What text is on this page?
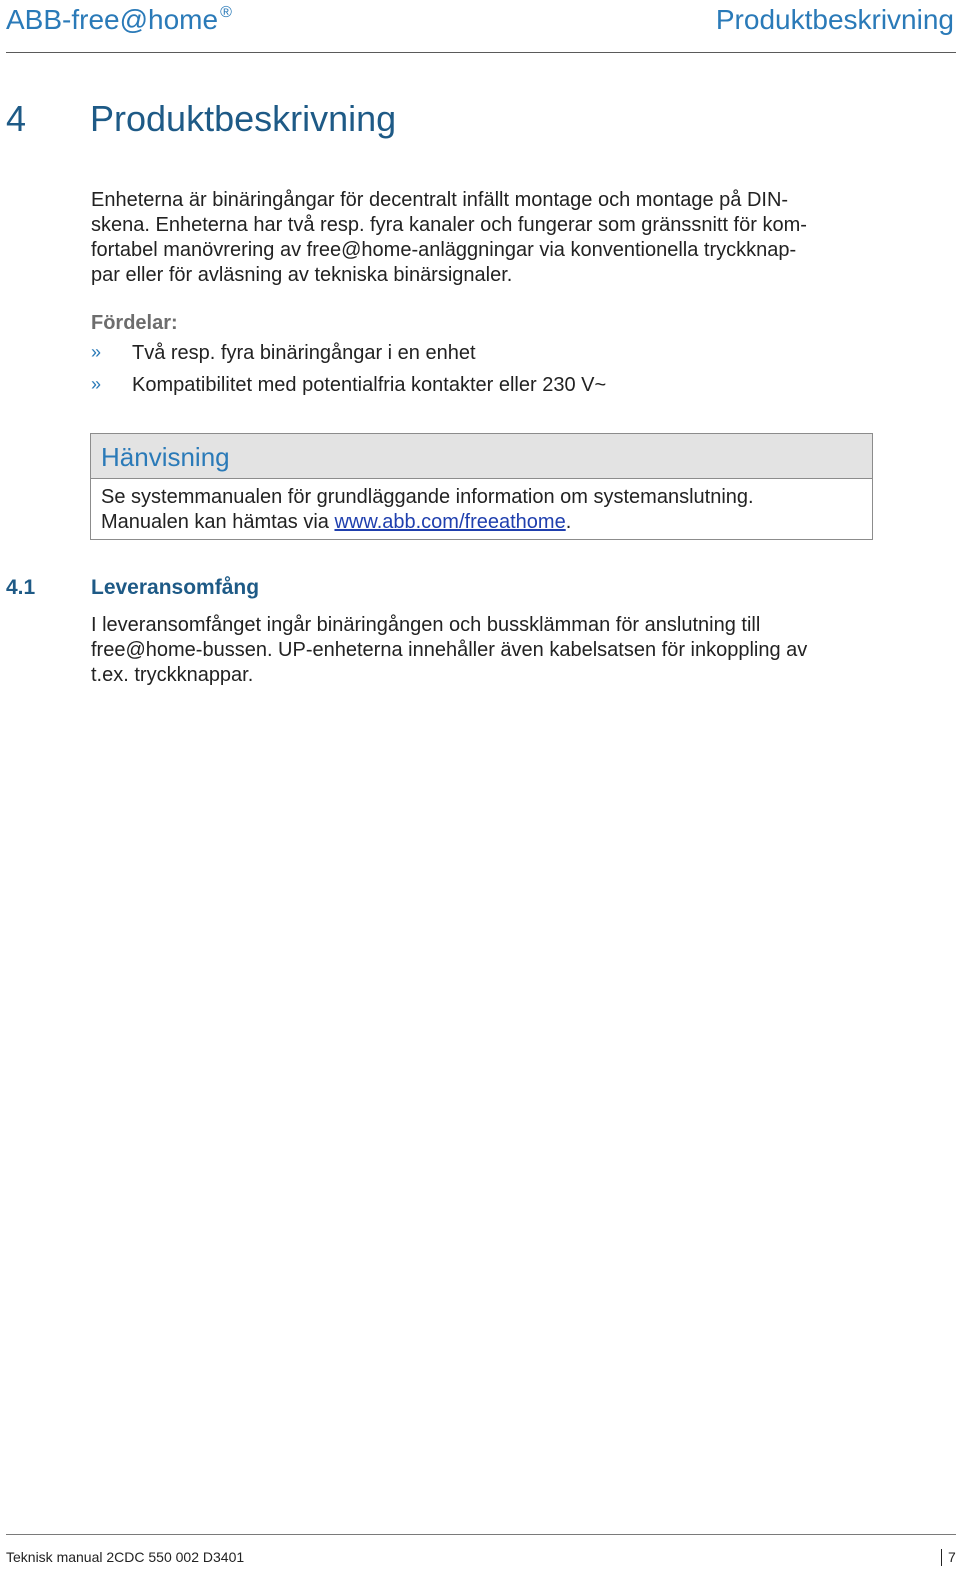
ABB-free@home ®	Produktbeskrivning
4 Produktbeskrivning
Enheterna är binäringångar för decentralt infällt montage och montage på DIN-
skena. Enheterna har två resp. fyra kanaler och fungerar som gränssnitt för kom-
fortabel manövrering av free@home-anläggningar via konventionella tryckknap-
par eller för avläsning av tekniska binärsignaler.
Fördelar:
» Två resp. fyra binäringångar i en enhet
» Kompatibilitet med potentialfria kontakter eller 230 V~
Hänvisning
Se systemmanualen för grundläggande information om systemanslutning.
Manualen kan hämtas via www.abb.com/freeathome.
4.1	Leveransomfång
I leveransomfånget ingår binäringången och bussklämman för anslutning till
free@home-bussen. UP-enheterna innehåller även kabelsatsen för inkoppling av
t.ex. tryckknappar.
Teknisk manual 2CDC 550 002 D3401	7
